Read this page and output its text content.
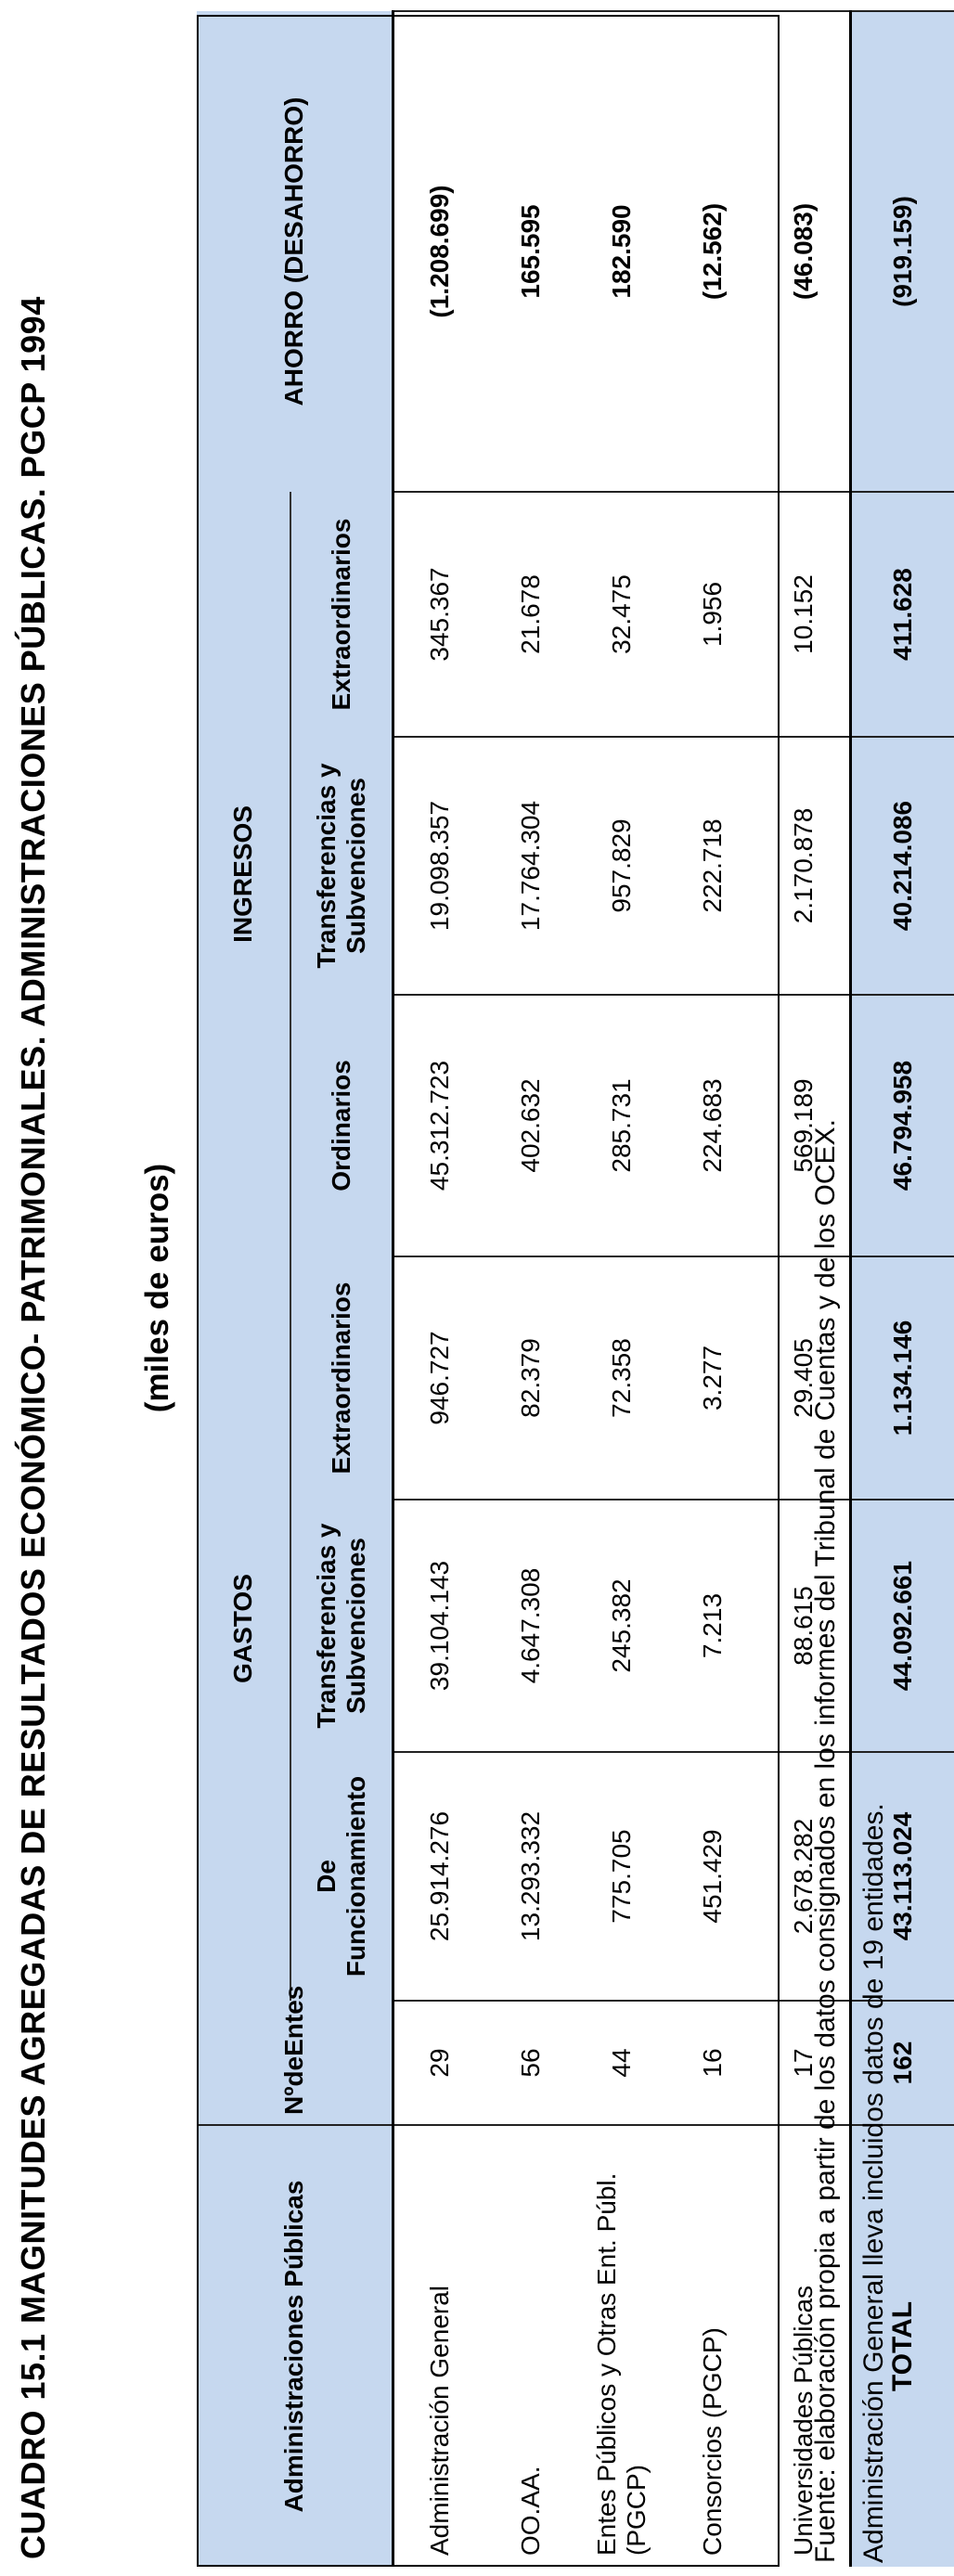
CUADRO 15.1 MAGNITUDES AGREGADAS DE RESULTADOS ECONÓMICO- PATRIMONIALES. ADMINISTRACIONES PÚBLICAS. PGCP 1994	(miles de euros)
Administraciones Públicas	NºdeEntes	GASTOS			INGRESOS			AHORRO (DESAHORRO)
		De Funcionamiento	Transferencias y Subvenciones	Extraordinarios	Ordinarios	Transferencias y Subvenciones	Extraordinarios	
Administración General	29	25.914.276	39.104.143	946.727	45.312.723	19.098.357	345.367	(1.208.699)
OO.AA.	56	13.293.332	4.647.308	82.379	402.632	17.764.304	21.678	165.595
Entes Públicos y Otras Ent. Públ. (PGCP)	44	775.705	245.382	72.358	285.731	957.829	32.475	182.590
Consorcios (PGCP)	16	451.429	7.213	3.277	224.683	222.718	1.956	(12.562)
Universidades Públicas	17	2.678.282	88.615	29.405	569.189	2.170.878	10.152	(46.083)
TOTAL	162	43.113.024	44.092.661	1.134.146	46.794.958	40.214.086	411.628	(919.159)
Fuente: elaboración propia a partir de los datos consignados en los informes del Tribunal de Cuentas y de los OCEX. Administración General lleva incluidos datos de 19 entidades.
